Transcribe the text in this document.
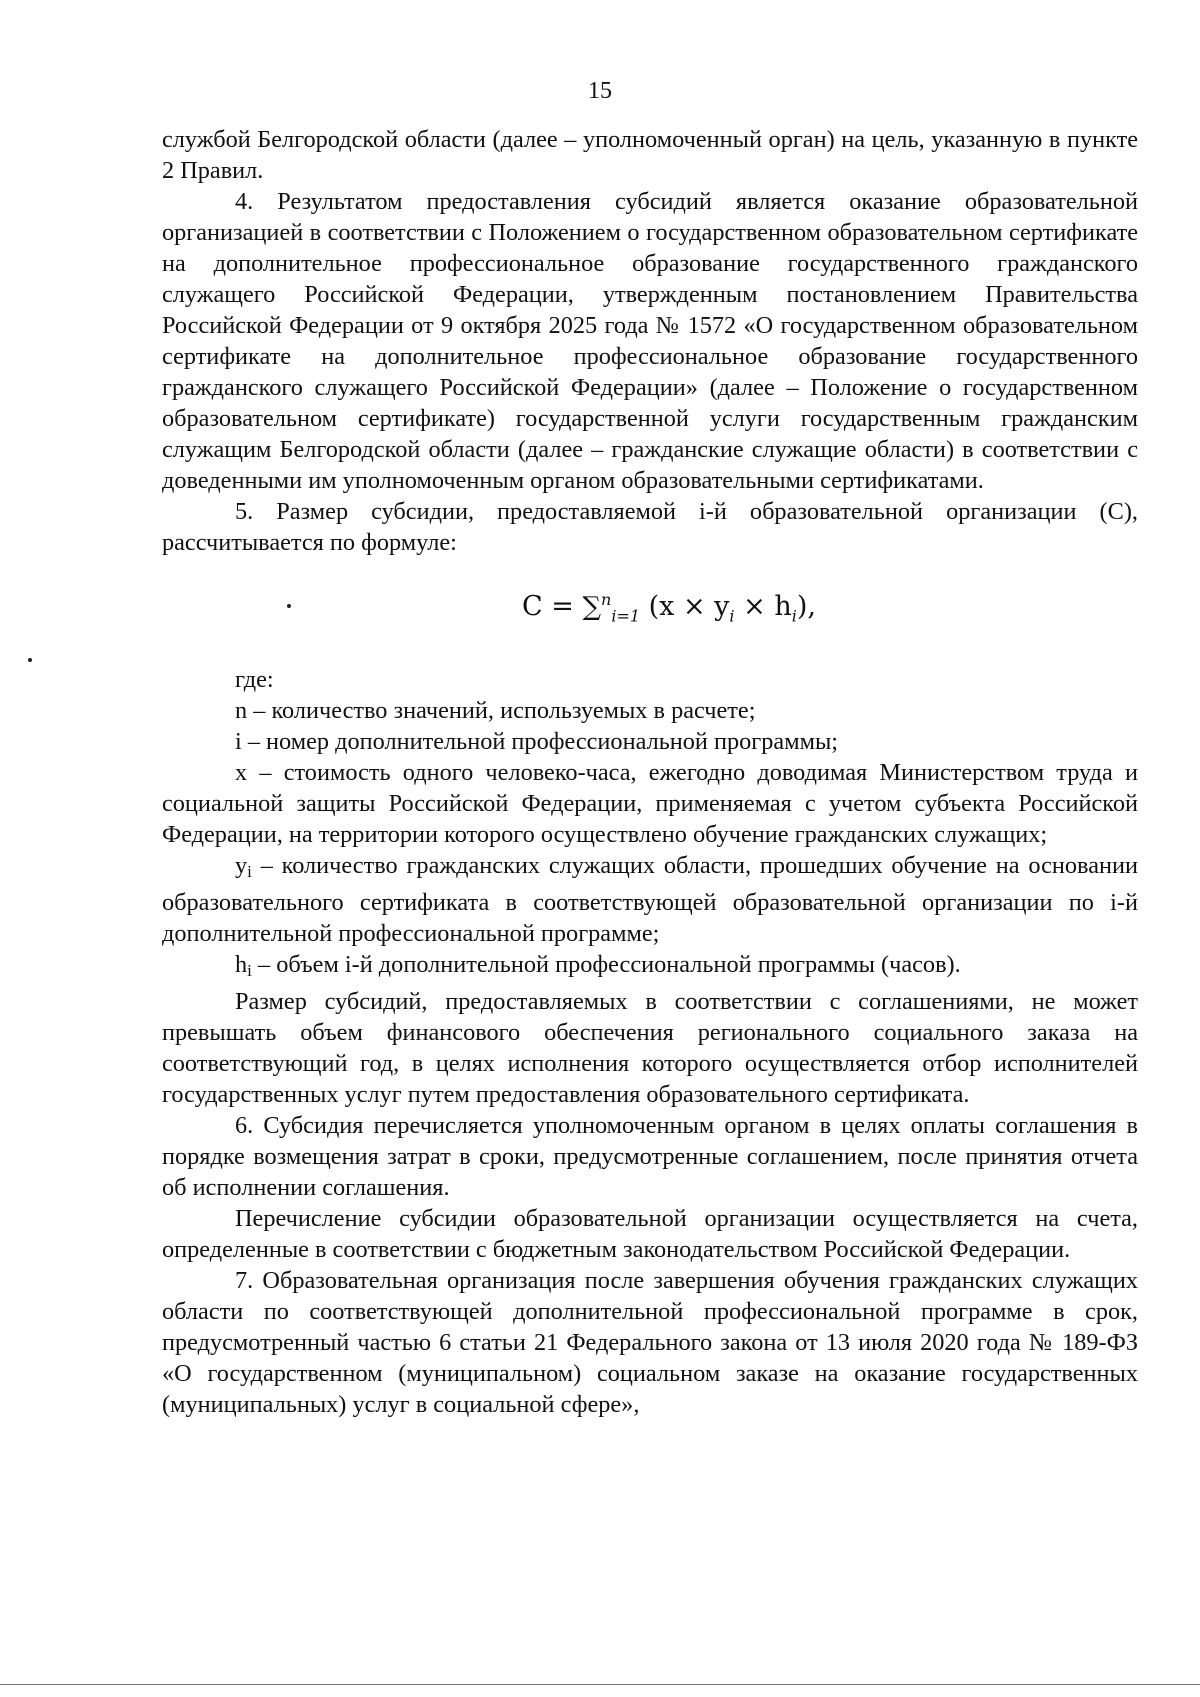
15

службой Белгородской области (далее – уполномоченный орган) на цель, указанную в пункте 2 Правил.

4. Результатом предоставления субсидий является оказание образовательной организацией в соответствии с Положением о государственном образовательном сертификате на дополнительное профессиональное образование государственного гражданского служащего Российской Федерации, утвержденным постановлением Правительства Российской Федерации от 9 октября 2025 года № 1572 «О государственном образовательном сертификате на дополнительное профессиональное образование государственного гражданского служащего Российской Федерации» (далее – Положение о государственном образовательном сертификате) государственной услуги государственным гражданским служащим Белгородской области (далее – гражданские служащие области) в соответствии с доведенными им уполномоченным органом образовательными сертификатами.

5. Размер субсидии, предоставляемой i-й образовательной организации (C), рассчитывается по формуле:

C = ∑$^n_{i=1}$ $(x \times y_i \times h_i)$,

где:

n – количество значений, используемых в расчете;

i – номер дополнительной профессиональной программы;

x – стоимость одного человеко-часа, ежегодно доводимая Министерством труда и социальной защиты Российской Федерации, применяемая с учетом субъекта Российской Федерации, на территории которого осуществлено обучение гражданских служащих;

$y_i$ – количество гражданских служащих области, прошедших обучение на основании образовательного сертификата в соответствующей образовательной организации по i-й дополнительной профессиональной программе;

$h_i$ – объем i-й дополнительной профессиональной программы (часов).

Размер субсидий, предоставляемых в соответствии с соглашениями, не может превышать объем финансового обеспечения регионального социального заказа на соответствующий год, в целях исполнения которого осуществляется отбор исполнителей государственных услуг путем предоставления образовательного сертификата.

6. Субсидия перечисляется уполномоченным органом в целях оплаты соглашения в порядке возмещения затрат в сроки, предусмотренные соглашением, после принятия отчета об исполнении соглашения.

Перечисление субсидии образовательной организации осуществляется на счета, определенные в соответствии с бюджетным законодательством Российской Федерации.

7. Образовательная организация после завершения обучения гражданских служащих области по соответствующей дополнительной профессиональной программе в срок, предусмотренный частью 6 статьи 21 Федерального закона от 13 июля 2020 года № 189-ФЗ «О государственном (муниципальном) социальном заказе на оказание государственных (муниципальных) услуг в социальной сфере»,
